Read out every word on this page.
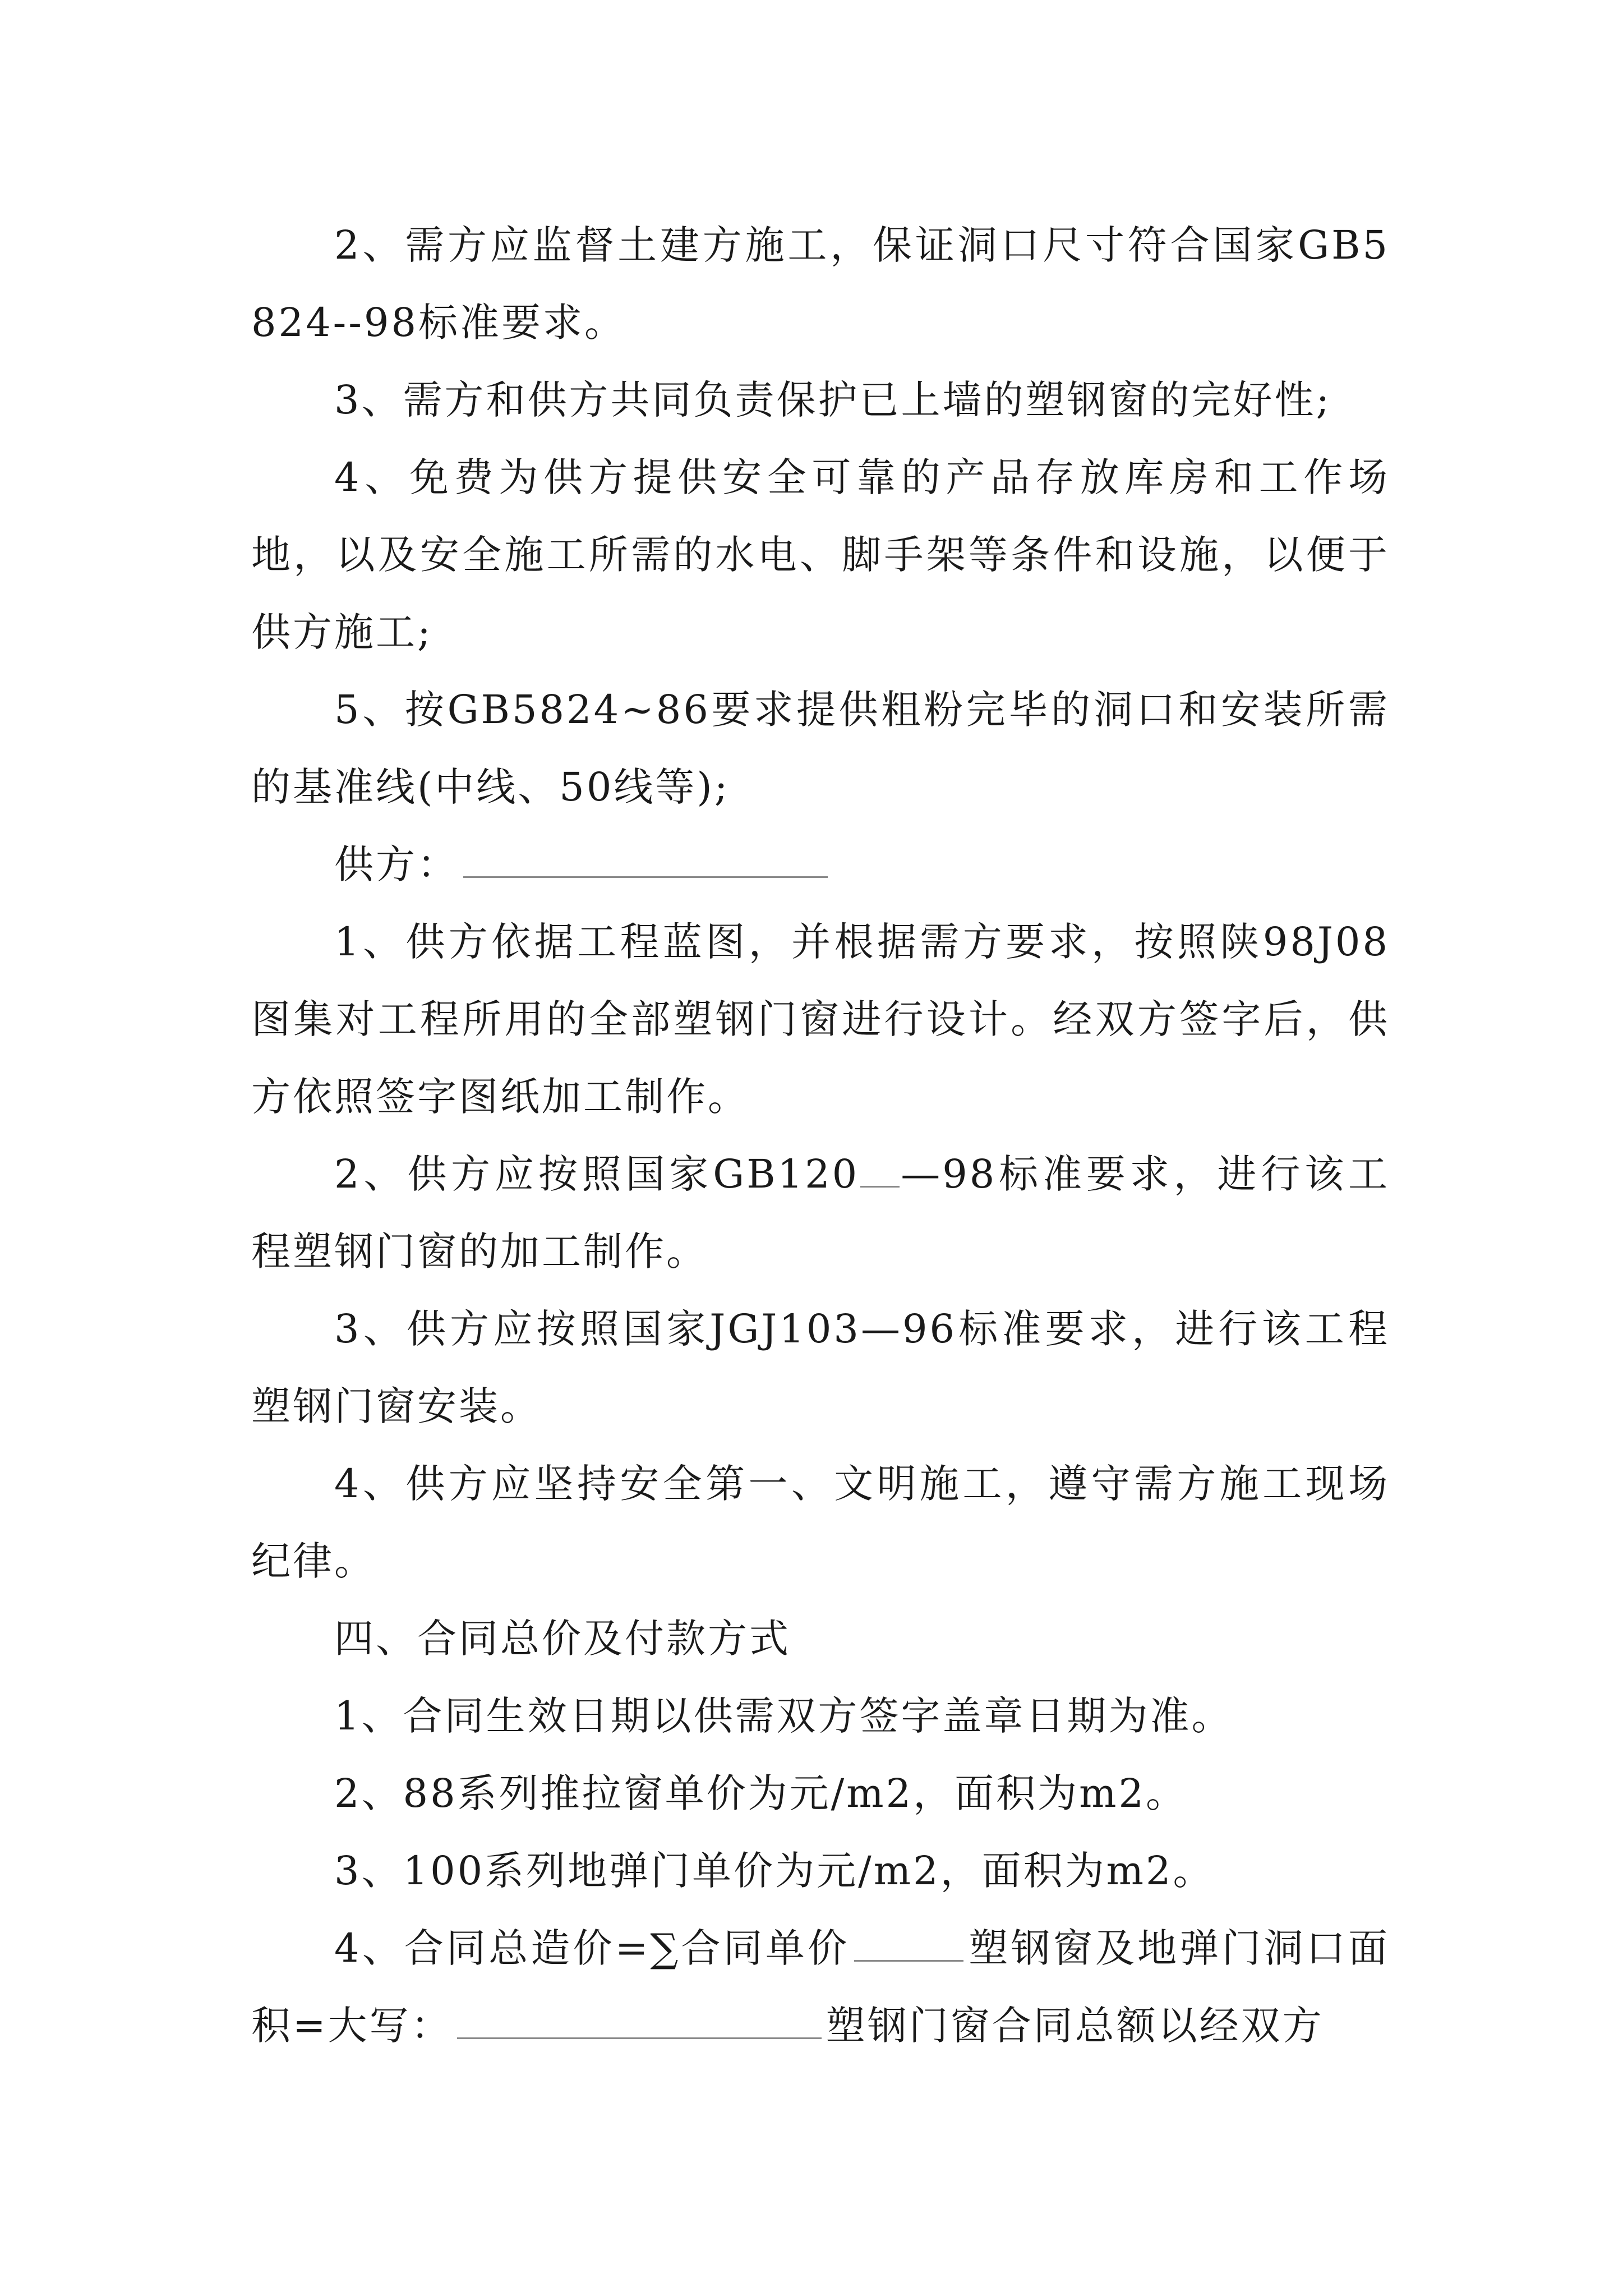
2、需方应监督土建方施工，保证洞口尺寸符合国家GB5824--98标准要求。

3、需方和供方共同负责保护已上墙的塑钢窗的完好性;

4、免费为供方提供安全可靠的产品存放库房和工作场地，以及安全施工所需的水电、脚手架等条件和设施，以便于供方施工;

5、按GB5824~86要求提供粗粉完毕的洞口和安装所需的基准线(中线、50线等);

供方：

1、供方依据工程蓝图，并根据需方要求，按照陕98J08图集对工程所用的全部塑钢门窗进行设计。经双方签字后，供方依照签字图纸加工制作。

2、供方应按照国家GB120 —98标准要求，进行该工程塑钢门窗的加工制作。

3、供方应按照国家JGJ103—96标准要求，进行该工程塑钢门窗安装。

4、供方应坚持安全第一、文明施工，遵守需方施工现场纪律。

四、合同总价及付款方式

1、合同生效日期以供需双方签字盖章日期为准。

2、88系列推拉窗单价为元/m2，面积为m2。

3、100系列地弹门单价为元/m2，面积为m2。

4、合同总造价=∑合同单价	塑钢窗及地弹门洞口面积=大写：	塑钢门窗合同总额以经双方
